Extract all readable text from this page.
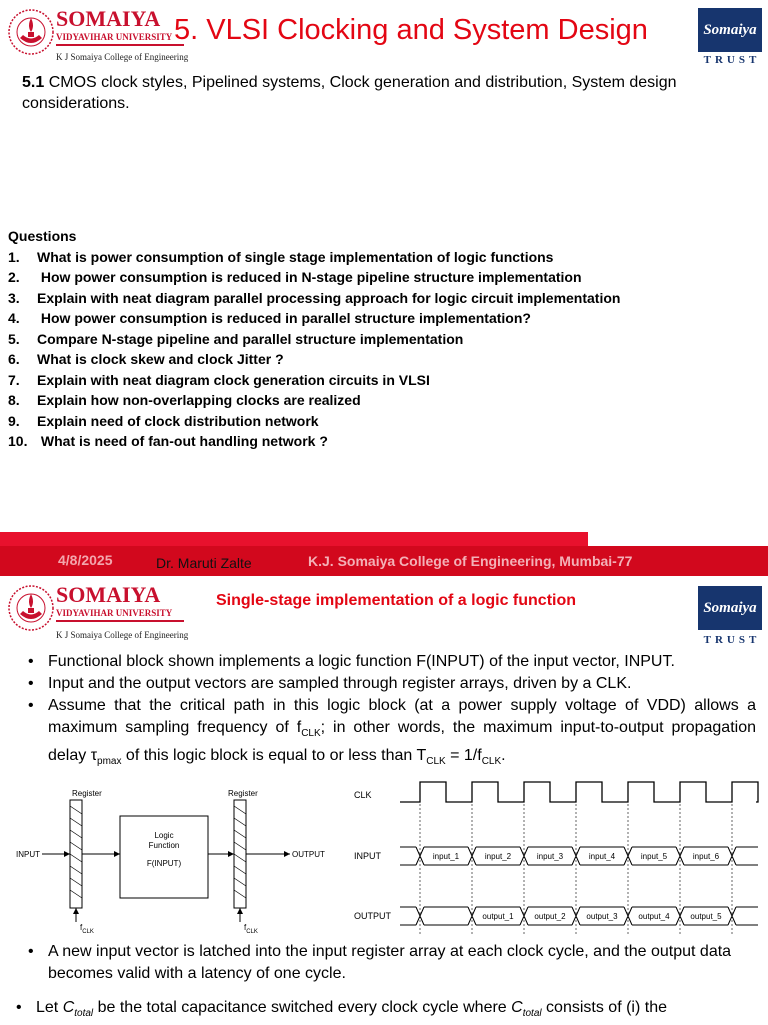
SOMAIYA
VIDYAVIHAR UNIVERSITY
K J Somaiya College of Engineering
5. VLSI Clocking and System Design	Somaiya
TRUST
5.1 CMOS clock styles, Pipelined systems, Clock generation and distribution, System design considerations.
Questions
1. What is power consumption of single stage implementation of logic functions
2. How power consumption is reduced in N-stage pipeline structure implementation
3. Explain with neat diagram parallel processing approach for logic circuit implementation
4. How power consumption is reduced in parallel structure implementation?
5. Compare N-stage pipeline and parallel structure implementation
6. What is clock skew and clock Jitter ?
7. Explain with neat diagram clock generation circuits in VLSI
8. Explain how non-overlapping clocks are realized
9. Explain need of clock distribution network
10. What is need of fan-out handling network ?
4/8/2025	Dr. Maruti Zalte	K.J. Somaiya College of Engineering, Mumbai-77
SOMAIYA
VIDYAVIHAR UNIVERSITY
K J Somaiya College of Engineering
Single-stage implementation of a logic function	Somaiya
TRUST
• Functional block shown implements a logic function F(INPUT) of the input vector, INPUT.
• Input and the output vectors are sampled through register arrays, driven by a CLK.
• Assume that the critical path in this logic block (at a power supply voltage of VDD) allows a maximum sampling frequency of $f_{CLK}$; in other words, the maximum input-to-output propagation delay $\tau_{pmax}$ of this logic block is equal to or less than $T_{CLK} = 1/f_{CLK}$.
Register	Register
Logic
Function
F(INPUT)
INPUT	OUTPUT
$f_{CLK}$	$f_{CLK}$
CLK
INPUT
OUTPUT
input_1	input_2	input_3	input_4	input_5	input_6
output_1	output_2	output_3	output_4	output_5
• A new input vector is latched into the input register array at each clock cycle, and the output data becomes valid with a latency of one cycle.
• Let $C_{total}$ be the total capacitance switched every clock cycle where $C_{total}$ consists of (i) the
